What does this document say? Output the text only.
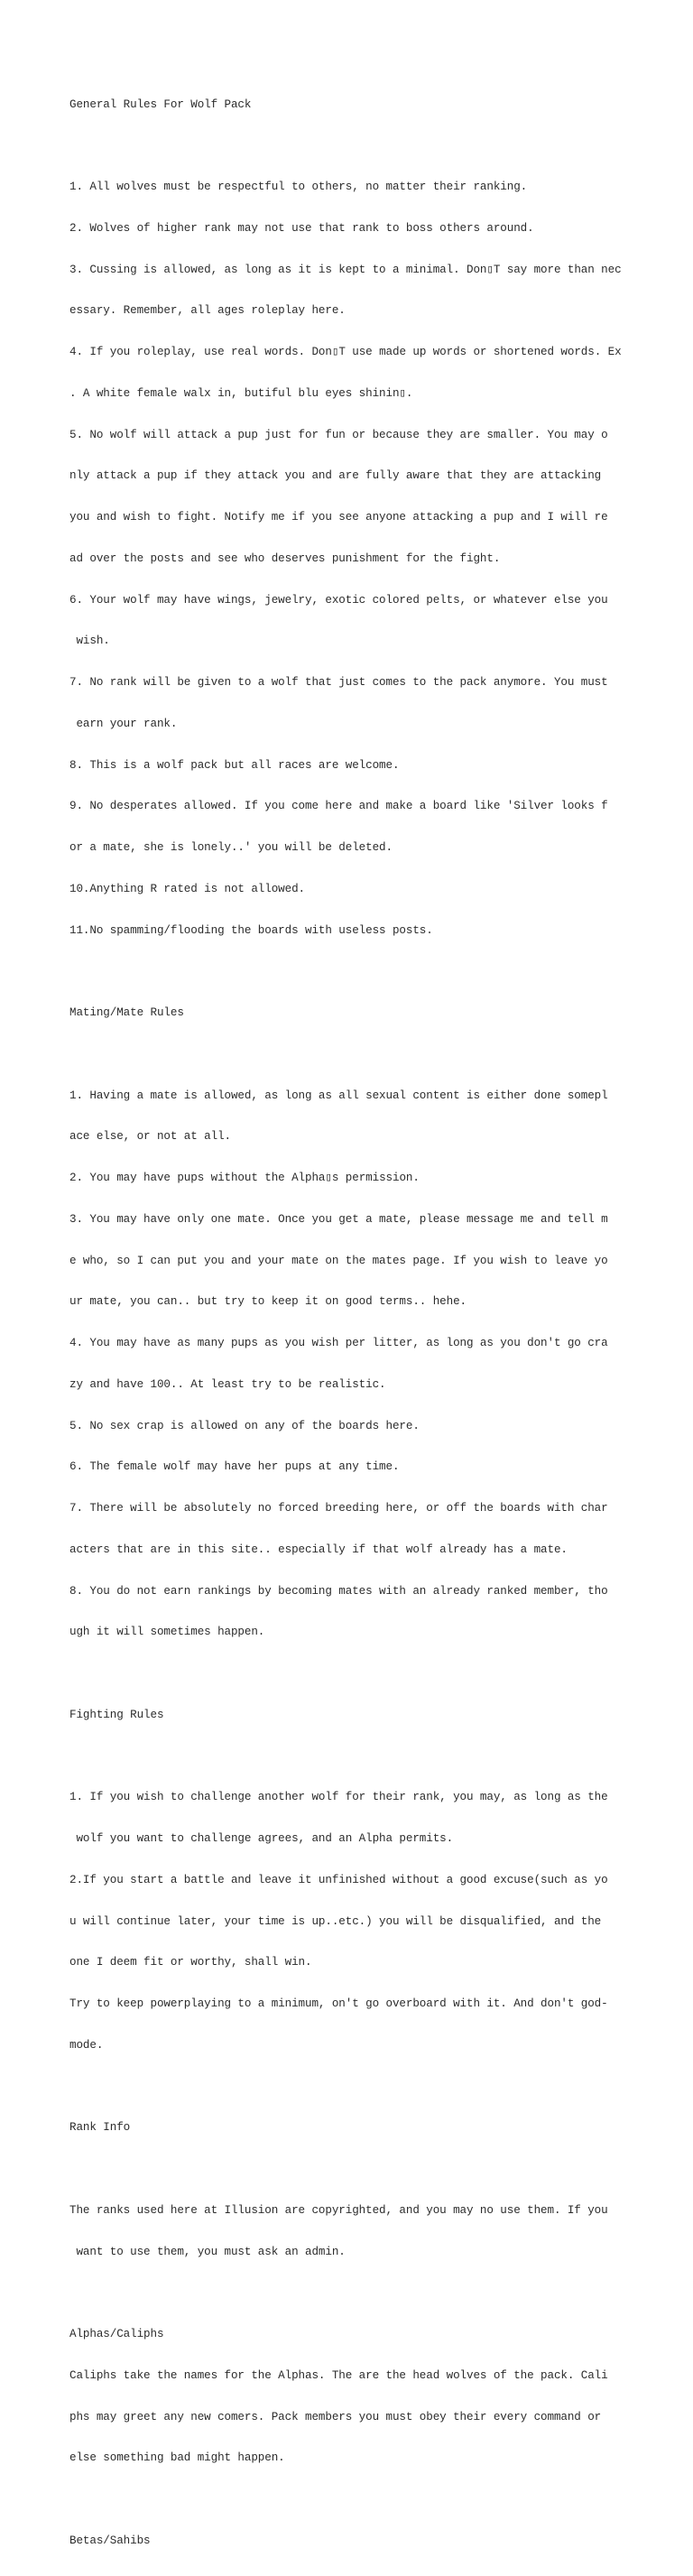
General Rules For Wolf Pack

1. All wolves must be respectful to others, no matter their ranking.

2. Wolves of higher rank may not use that rank to boss others around.

3. Cussing is allowed, as long as it is kept to a minimal. Don▯T say more than nec

essary. Remember, all ages roleplay here.

4. If you roleplay, use real words. Don▯T use made up words or shortened words. Ex

. A white female walx in, butiful blu eyes shinin▯.

5. No wolf will attack a pup just for fun or because they are smaller. You may o

nly attack a pup if they attack you and are fully aware that they are attacking

you and wish to fight. Notify me if you see anyone attacking a pup and I will re

ad over the posts and see who deserves punishment for the fight.

6. Your wolf may have wings, jewelry, exotic colored pelts, or whatever else you

wish.

7. No rank will be given to a wolf that just comes to the pack anymore. You must

earn your rank.

8. This is a wolf pack but all races are welcome.

9. No desperates allowed. If you come here and make a board like 'Silver looks f

or a mate, she is lonely..' you will be deleted.

10.Anything R rated is not allowed.

11.No spamming/flooding the boards with useless posts.

Mating/Mate Rules

1. Having a mate is allowed, as long as all sexual content is either done somepl

ace else, or not at all.

2. You may have pups without the Alpha▯s permission.

3. You may have only one mate. Once you get a mate, please message me and tell m

e who, so I can put you and your mate on the mates page. If you wish to leave yo

ur mate, you can.. but try to keep it on good terms.. hehe.

4. You may have as many pups as you wish per litter, as long as you don't go cra

zy and have 100.. At least try to be realistic.

5. No sex crap is allowed on any of the boards here.

6. The female wolf may have her pups at any time.

7. There will be absolutely no forced breeding here, or off the boards with char

acters that are in this site.. especially if that wolf already has a mate.

8. You do not earn rankings by becoming mates with an already ranked member, tho

ugh it will sometimes happen.

Fighting Rules

1. If you wish to challenge another wolf for their rank, you may, as long as the

wolf you want to challenge agrees, and an Alpha permits.

2.If you start a battle and leave it unfinished without a good excuse(such as yo

u will continue later, your time is up..etc.) you will be disqualified, and the

one I deem fit or worthy, shall win.

Try to keep powerplaying to a minimum, on't go overboard with it. And don't god-

mode.

Rank Info

The ranks used here at Illusion are copyrighted, and you may no use them. If you

want to use them, you must ask an admin.

Alphas/Caliphs

Caliphs take the names for the Alphas. The are the head wolves of the pack. Cali

phs may greet any new comers. Pack members you must obey their every command or

else something bad might happen.

Betas/Sahibs
